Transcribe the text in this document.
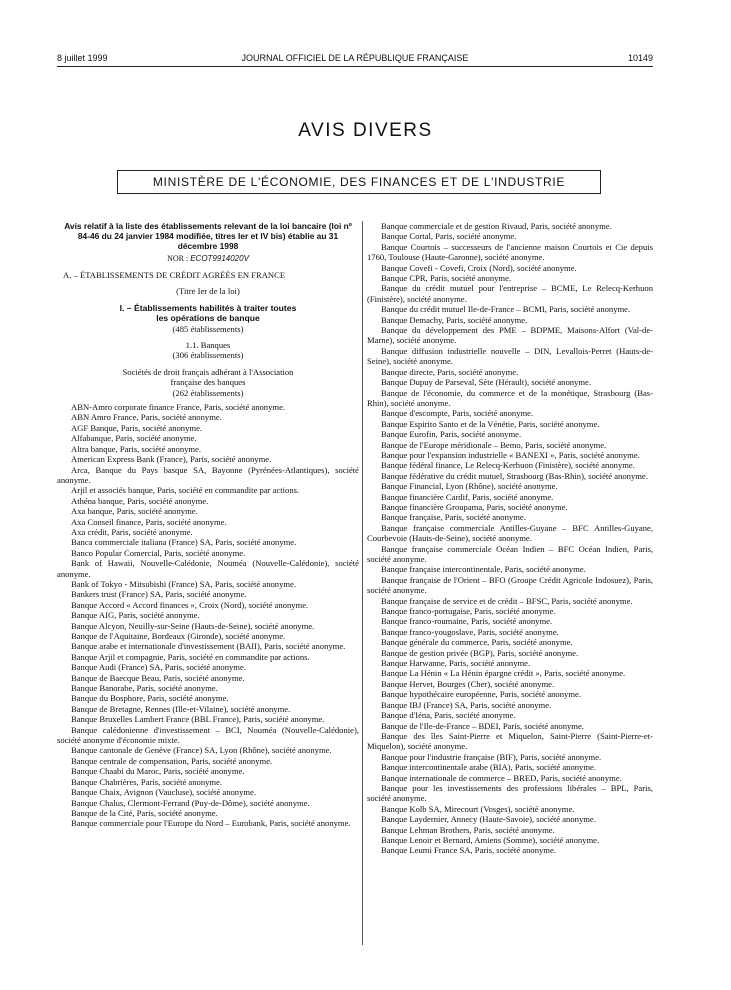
8 juillet 1999	JOURNAL OFFICIEL DE LA RÉPUBLIQUE FRANÇAISE	10149
AVIS DIVERS
MINISTÈRE DE L'ÉCONOMIE, DES FINANCES ET DE L'INDUSTRIE
Avis relatif à la liste des établissements relevant de la loi bancaire (loi nº 84-46 du 24 janvier 1984 modifiée, titres Ier et IV bis) établie au 31 décembre 1998
NOR : ECOT9914020V
A. – ÉTABLISSEMENTS DE CRÉDIT AGRÉÉS EN FRANCE
(Titre Ier de la loi)
I. – Établissements habilités à traiter toutes les opérations de banque
(485 établissements)
1.1. Banques
(306 établissements)
Sociétés de droit français adhérant à l'Association française des banques
(262 établissements)
ABN-Amro corporate finance France, Paris, société anonyme.
ABN Amro France, Paris, société anonyme.
AGF Banque, Paris, société anonyme.
Alfabanque, Paris, société anonyme.
Altra banque, Paris, société anonyme.
American Express Bank (France), Paris, société anonyme.
Arca, Banque du Pays basque SA, Bayonne (Pyrénées-Atlantiques), société anonyme.
Arjil et associés banque, Paris, société en commandite par actions.
Athéna banque, Paris, société anonyme.
Axa banque, Paris, société anonyme.
Axa Conseil finance, Paris, société anonyme.
Axa crédit, Paris, société anonyme.
Banca commerciale italiana (France) SA, Paris, société anonyme.
Banco Popular Comercial, Paris, société anonyme.
Bank of Hawaii, Nouvelle-Calédonie, Nouméa (Nouvelle-Calédonie), société anonyme.
Bank of Tokyo - Mitsubishi (France) SA, Paris, société anonyme.
Bankers trust (France) SA, Paris, société anonyme.
Banque Accord « Accord finances », Croix (Nord), société anonyme.
Banque AIG, Paris, société anonyme.
Banque Alcyon, Neuilly-sur-Seine (Hauts-de-Seine), société anonyme.
Banque de l'Aquitaine, Bordeaux (Gironde), société anonyme.
Banque arabe et internationale d'investissement (BAII), Paris, société anonyme.
Banque Arjil et compagnie, Paris, société en commandite par actions.
Banque Audi (France) SA, Paris, société anonyme.
Banque de Baecque Beau, Paris, société anonyme.
Banque Banorabe, Paris, société anonyme.
Banque du Bosphore, Paris, société anonyme.
Banque de Bretagne, Rennes (Ille-et-Vilaine), société anonyme.
Banque Bruxelles Lambert France (BBL France), Paris, société anonyme.
Banque calédonienne d'investissement – BCI, Nouméa (Nouvelle-Calédonie), société anonyme d'économie mixte.
Banque cantonale de Genève (France) SA, Lyon (Rhône), société anonyme.
Banque centrale de compensation, Paris, société anonyme.
Banque Chaabi du Maroc, Paris, société anonyme.
Banque Chabrières, Paris, société anonyme.
Banque Chaix, Avignon (Vaucluse), société anonyme.
Banque Chalus, Clermont-Ferrand (Puy-de-Dôme), société anonyme.
Banque de la Cité, Paris, société anonyme.
Banque commerciale pour l'Europe du Nord – Eurobank, Paris, société anonyme.
Banque commerciale et de gestion Rivaud, Paris, société anonyme.
Banque Cortal, Paris, société anonyme.
Banque Courtois – successeurs de l'ancienne maison Courtois et Cie depuis 1760, Toulouse (Haute-Garonne), société anonyme.
Banque Covefi - Covefi, Croix (Nord), société anonyme.
Banque CPR, Paris, société anonyme.
Banque du crédit mutuel pour l'entreprise – BCME, Le Relecq-Kerhuon (Finistère), société anonyme.
Banque du crédit mutuel Ile-de-France – BCMI, Paris, société anonyme.
Banque Demachy, Paris, société anonyme.
Banque du développement des PME – BDPME, Maisons-Alfort (Val-de-Marne), société anonyme.
Banque diffusion industrielle nouvelle – DIN, Levallois-Perret (Hauts-de-Seine), société anonyme.
Banque directe, Paris, société anonyme.
Banque Dupuy de Parseval, Sète (Hérault), société anonyme.
Banque de l'économie, du commerce et de la monétique, Strasbourg (Bas-Rhin), société anonyme.
Banque d'escompte, Paris, société anonyme.
Banque Espirito Santo et de la Vénétie, Paris, société anonyme.
Banque Eurofin, Paris, société anonyme.
Banque de l'Europe méridionale – Bemo, Paris, société anonyme.
Banque pour l'expansion industrielle « BANEXI », Paris, société anonyme.
Banque fédéral finance, Le Relecq-Kerhuon (Finistère), société anonyme.
Banque fédérative du crédit mutuel, Strasbourg (Bas-Rhin), société anonyme.
Banque Financial, Lyon (Rhône), société anonyme.
Banque financière Cardif, Paris, société anonyme.
Banque financière Groupama, Paris, société anonyme.
Banque française, Paris, société anonyme.
Banque française commerciale Antilles-Guyane – BFC Antilles-Guyane, Courbevoie (Hauts-de-Seine), société anonyme.
Banque française commerciale Océan Indien – BFC Océan Indien, Paris, société anonyme.
Banque française intercontinentale, Paris, société anonyme.
Banque française de l'Orient – BFO (Groupe Crédit Agricole Indosuez), Paris, société anonyme.
Banque française de service et de crédit – BFSC, Paris, société anonyme.
Banque franco-portugaise, Paris, société anonyme.
Banque franco-roumaine, Paris, société anonyme.
Banque franco-yougoslave, Paris, société anonyme.
Banque générale du commerce, Paris, société anonyme.
Banque de gestion privée (BGP), Paris, société anonyme.
Banque Harwanne, Paris, société anonyme.
Banque La Hénin « La Hénin épargne crédit », Paris, société anonyme.
Banque Hervet, Bourges (Cher), société anonyme.
Banque hypothécaire européenne, Paris, société anonyme.
Banque IBJ (France) SA, Paris, société anonyme.
Banque d'Iéna, Paris, société anonyme.
Banque de l'Ile-de-France – BDEI, Paris, société anonyme.
Banque des îles Saint-Pierre et Miquelon, Saint-Pierre (Saint-Pierre-et-Miquelon), société anonyme.
Banque pour l'industrie française (BIF), Paris, société anonyme.
Banque intercontinentale arabe (BIA), Paris, société anonyme.
Banque internationale de commerce – BRED, Paris, société anonyme.
Banque pour les investissements des professions libérales – BPL, Paris, société anonyme.
Banque Kolb SA, Mirecourt (Vosges), société anonyme.
Banque Laydernier, Annecy (Haute-Savoie), société anonyme.
Banque Lehman Brothers, Paris, société anonyme.
Banque Lenoir et Bernard, Amiens (Somme), société anonyme.
Banque Leumi France SA, Paris, société anonyme.
